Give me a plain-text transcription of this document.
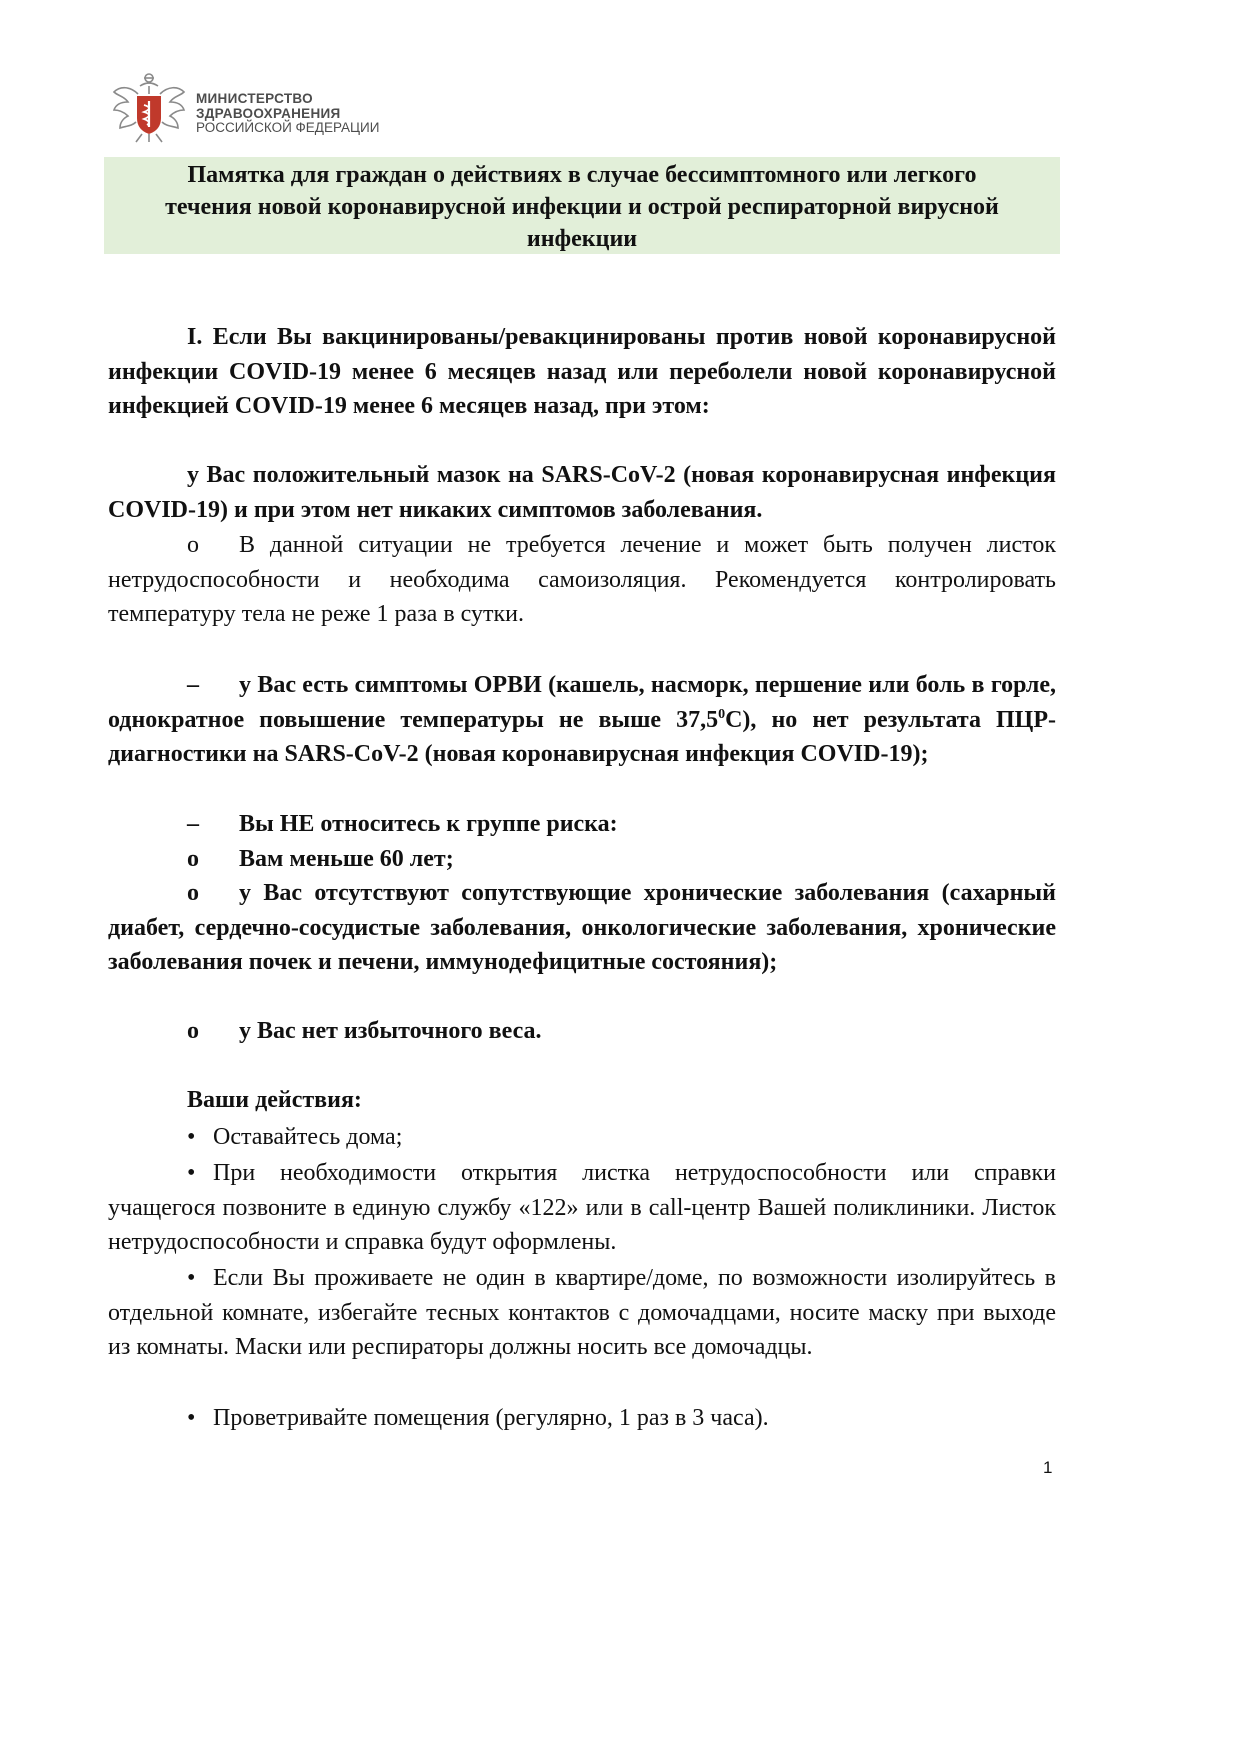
МИНИСТЕРСТВО
ЗДРАВООХРАНЕНИЯ
РОССИЙСКОЙ ФЕДЕРАЦИИ
Памятка для граждан о действиях в случае бессимптомного или легкого
течения новой коронавирусной инфекции и острой респираторной вирусной
инфекции

I. Если Вы вакцинированы/ревакцинированы против новой коронавирусной инфекции COVID-19 менее 6 месяцев назад или переболели новой коронавирусной инфекцией COVID-19 менее 6 месяцев назад, при этом:

у Вас положительный мазок на SARS-CoV-2 (новая коронавирусная инфекция COVID-19) и при этом нет никаких симптомов заболевания.

o В данной ситуации не требуется лечение и может быть получен листок нетрудоспособности и необходима самоизоляция. Рекомендуется контролировать температуру тела не реже 1 раза в сутки.

– у Вас есть симптомы ОРВИ (кашель, насморк, першение или боль в горле, однократное повышение температуры не выше 37,5$^0$С), но нет результата ПЦР-диагностики на SARS-CoV-2 (новая коронавирусная инфекция COVID-19);

– Вы НЕ относитесь к группе риска:

o Вам меньше 60 лет;

o у Вас отсутствуют сопутствующие хронические заболевания (сахарный диабет, сердечно-сосудистые заболевания, онкологические заболевания, хронические заболевания почек и печени, иммунодефицитные состояния);

o у Вас нет избыточного веса.

Ваши действия:

• Оставайтесь дома;

• При необходимости открытия листка нетрудоспособности или справки учащегося позвоните в единую службу «122» или в call-центр Вашей поликлиники. Листок нетрудоспособности и справка будут оформлены.

• Если Вы проживаете не один в квартире/доме, по возможности изолируйтесь в отдельной комнате, избегайте тесных контактов с домочадцами, носите маску при выходе из комнаты. Маски или респираторы должны носить все домочадцы.

• Проветривайте помещения (регулярно, 1 раз в 3 часа).

1
